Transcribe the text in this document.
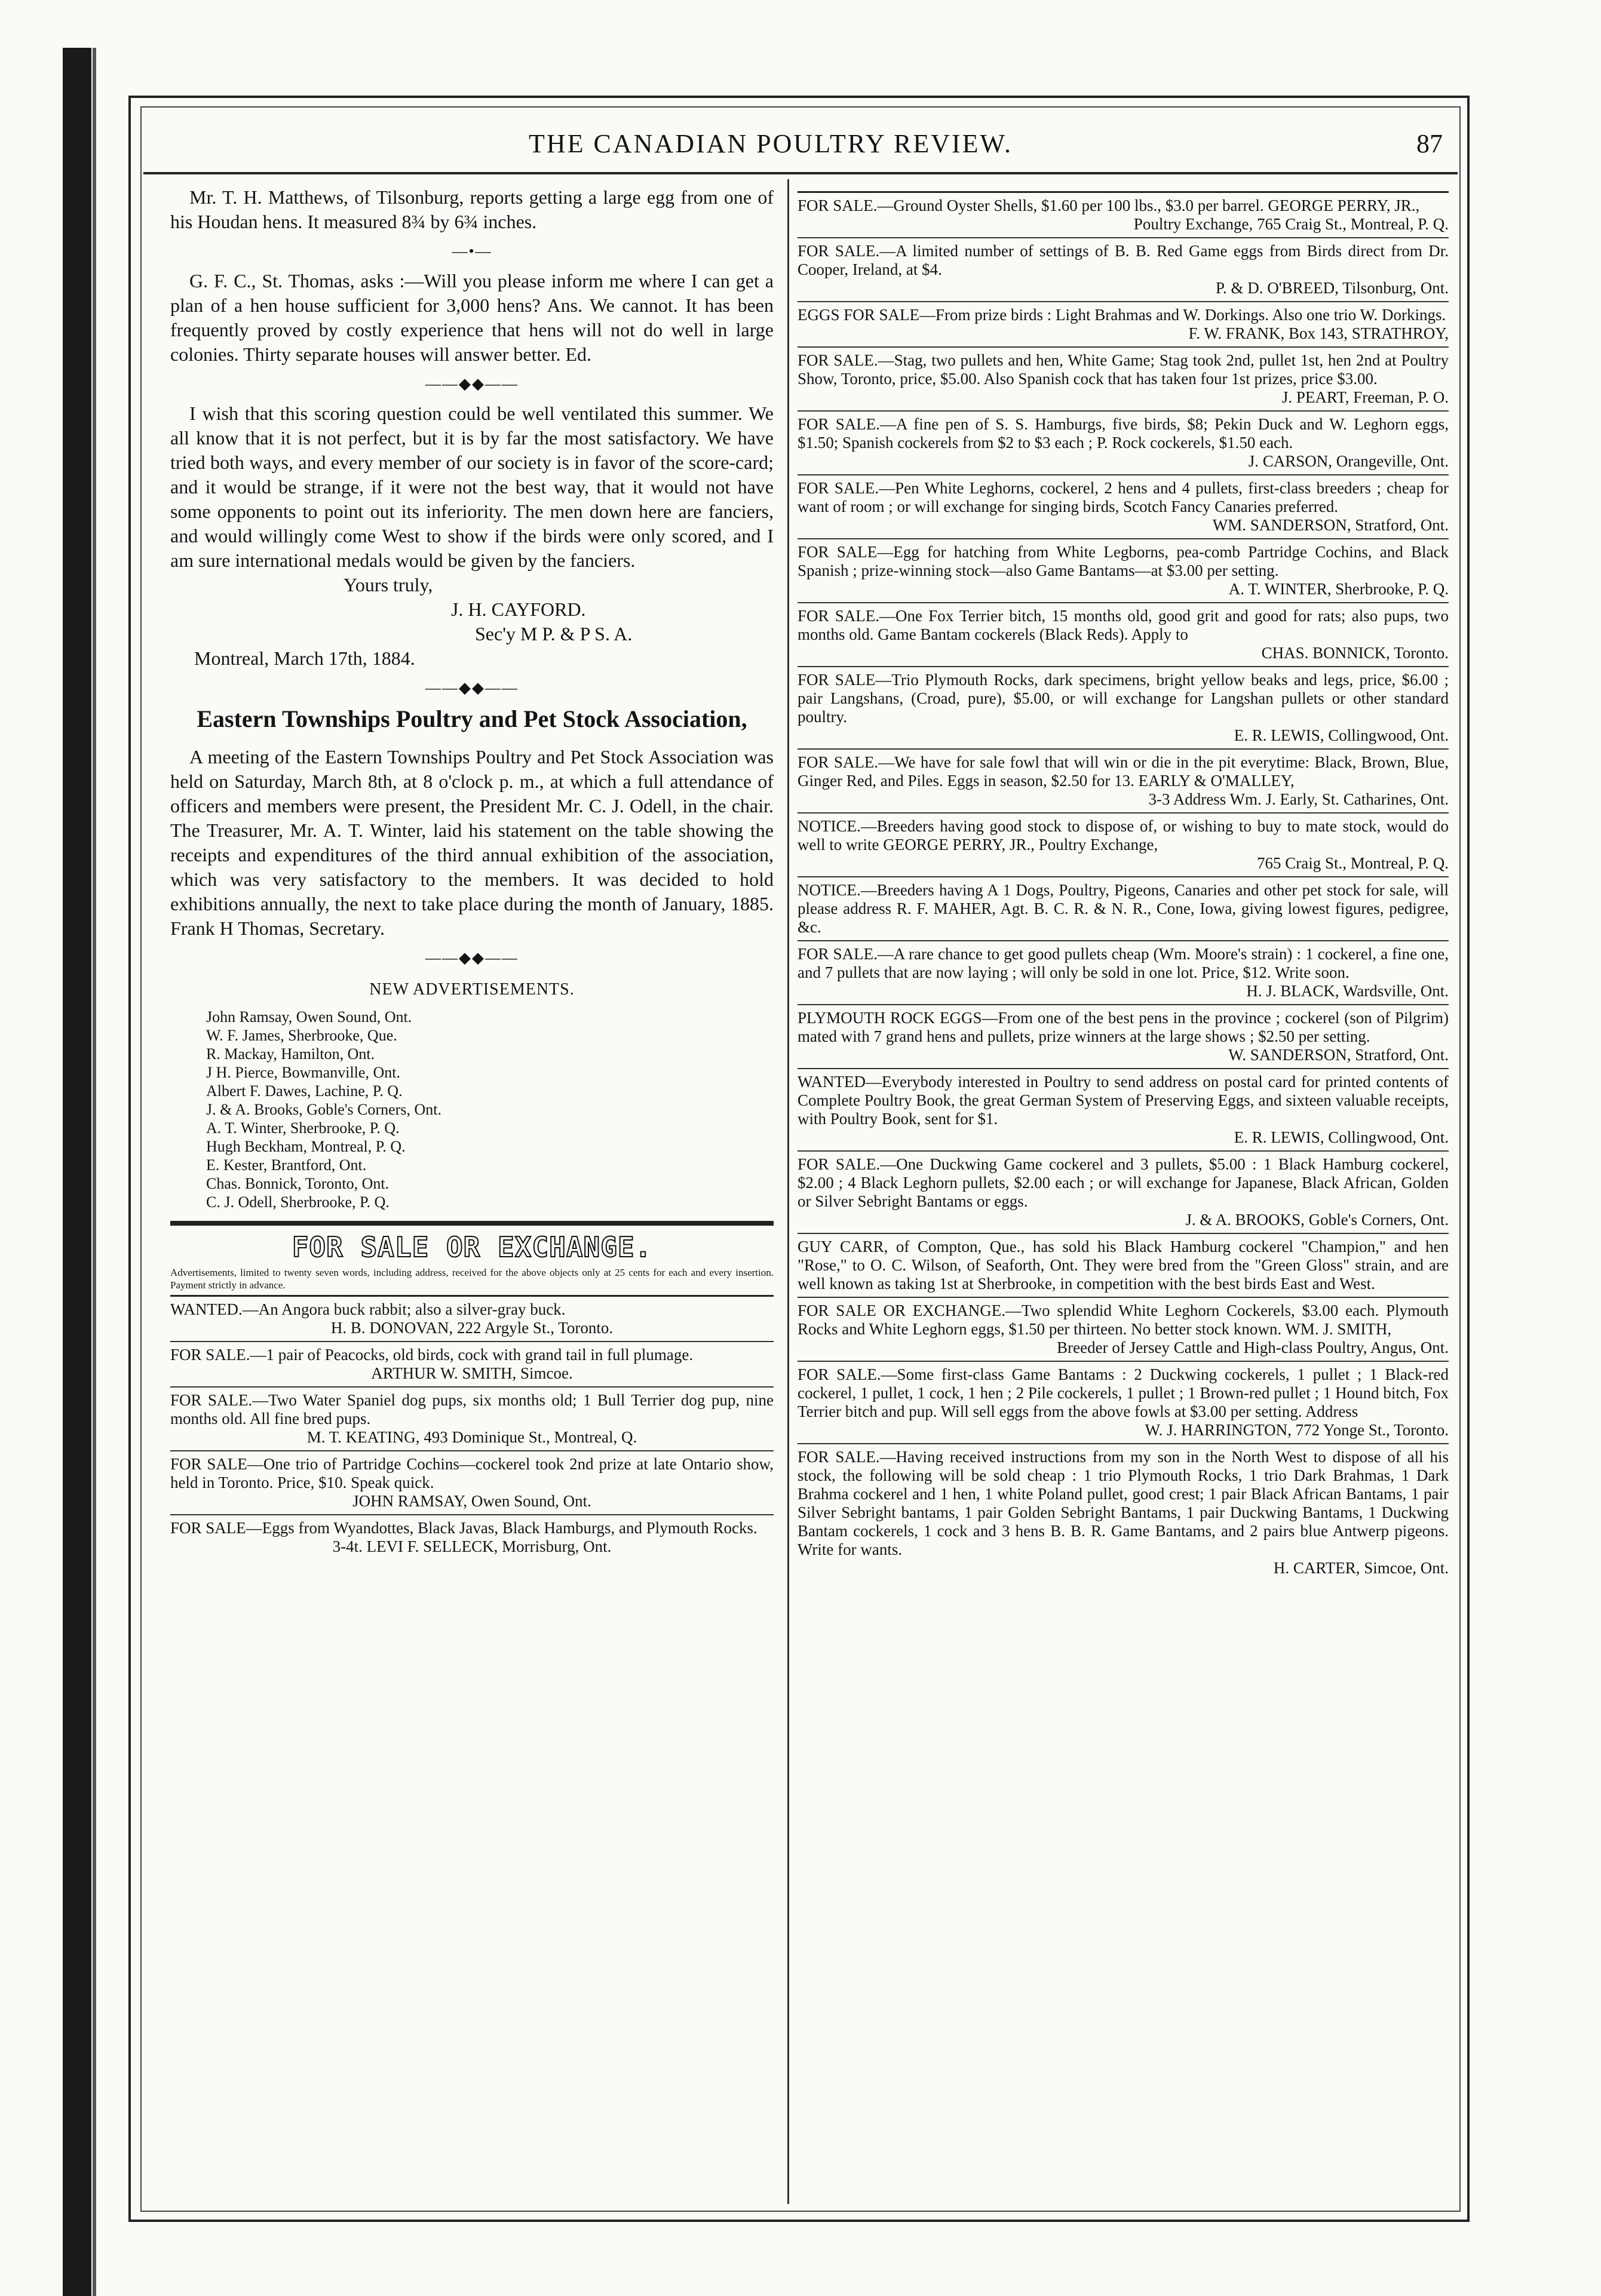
THE CANADIAN POULTRY REVIEW.	87

Mr. T. H. Matthews, of Tilsonburg, reports getting a large egg from one of his Houdan hens. It measured 8¾ by 6¾ inches.

—•—

G. F. C., St. Thomas, asks :—Will you please inform me where I can get a plan of a hen house sufficient for 3,000 hens? Ans. We cannot. It has been frequently proved by costly experience that hens will not do well in large colonies. Thirty separate houses will answer better. Ed.

——◆◆——

I wish that this scoring question could be well ventilated this summer. We all know that it is not perfect, but it is by far the most satisfactory. We have tried both ways, and every member of our society is in favor of the score-card; and it would be strange, if it were not the best way, that it would not have some opponents to point out its inferiority. The men down here are fanciers, and would willingly come West to show if the birds were only scored, and I am sure international medals would be given by the fanciers.

Yours truly,
J. H. CAYFORD.
Sec'y M P. & P S. A.
Montreal, March 17th, 1884.
——◆◆——
Eastern Townships Poultry and Pet Stock Association,

A meeting of the Eastern Townships Poultry and Pet Stock Association was held on Saturday, March 8th, at 8 o'clock p. m., at which a full attendance of officers and members were present, the President Mr. C. J. Odell, in the chair. The Treasurer, Mr. A. T. Winter, laid his statement on the table showing the receipts and expenditures of the third annual exhibition of the association, which was very satisfactory to the members. It was decided to hold exhibitions annually, the next to take place during the month of January, 1885. Frank H Thomas, Secretary.

——◆◆——
NEW ADVERTISEMENTS.
John Ramsay, Owen Sound, Ont.
W. F. James, Sherbrooke, Que.
R. Mackay, Hamilton, Ont.
J H. Pierce, Bowmanville, Ont.
Albert F. Dawes, Lachine, P. Q.
J. & A. Brooks, Goble's Corners, Ont.
A. T. Winter, Sherbrooke, P. Q.
Hugh Beckham, Montreal, P. Q.
E. Kester, Brantford, Ont.
Chas. Bonnick, Toronto, Ont.
C. J. Odell, Sherbrooke, P. Q.
FOR SALE OR EXCHANGE.

Advertisements, limited to twenty seven words, including address, received for the above objects only at 25 cents for each and every insertion. Payment strictly in advance.

WANTED.—An Angora buck rabbit; also a silver-gray buck.
H. B. DONOVAN, 222 Argyle St., Toronto.
FOR SALE.—1 pair of Peacocks, old birds, cock with grand tail in full plumage.
ARTHUR W. SMITH, Simcoe.
FOR SALE.—Two Water Spaniel dog pups, six months old; 1 Bull Terrier dog pup, nine months old. All fine bred pups.
M. T. KEATING, 493 Dominique St., Montreal, Q.
FOR SALE—One trio of Partridge Cochins—cockerel took 2nd prize at late Ontario show, held in Toronto. Price, $10. Speak quick.
JOHN RAMSAY, Owen Sound, Ont.
FOR SALE—Eggs from Wyandottes, Black Javas, Black Hamburgs, and Plymouth Rocks.
3-4t. LEVI F. SELLECK, Morrisburg, Ont.
FOR SALE.—Ground Oyster Shells, $1.60 per 100 lbs., $3.0 per barrel. GEORGE PERRY, JR.,
Poultry Exchange, 765 Craig St., Montreal, P. Q.
FOR SALE.—A limited number of settings of B. B. Red Game eggs from Birds direct from Dr. Cooper, Ireland, at $4.
P. & D. O'BREED, Tilsonburg, Ont.
EGGS FOR SALE—From prize birds : Light Brahmas and W. Dorkings. Also one trio W. Dorkings.
F. W. FRANK, Box 143, STRATHROY,
FOR SALE.—Stag, two pullets and hen, White Game; Stag took 2nd, pullet 1st, hen 2nd at Poultry Show, Toronto, price, $5.00. Also Spanish cock that has taken four 1st prizes, price $3.00.
J. PEART, Freeman, P. O.
FOR SALE.—A fine pen of S. S. Hamburgs, five birds, $8; Pekin Duck and W. Leghorn eggs, $1.50; Spanish cockerels from $2 to $3 each ; P. Rock cockerels, $1.50 each.
J. CARSON, Orangeville, Ont.
FOR SALE.—Pen White Leghorns, cockerel, 2 hens and 4 pullets, first-class breeders ; cheap for want of room ; or will exchange for singing birds, Scotch Fancy Canaries preferred.
WM. SANDERSON, Stratford, Ont.
FOR SALE—Egg for hatching from White Legborns, pea-comb Partridge Cochins, and Black Spanish ; prize-winning stock—also Game Bantams—at $3.00 per setting.
A. T. WINTER, Sherbrooke, P. Q.
FOR SALE.—One Fox Terrier bitch, 15 months old, good grit and good for rats; also pups, two months old. Game Bantam cockerels (Black Reds). Apply to
CHAS. BONNICK, Toronto.
FOR SALE—Trio Plymouth Rocks, dark specimens, bright yellow beaks and legs, price, $6.00 ; pair Langshans, (Croad, pure), $5.00, or will exchange for Langshan pullets or other standard poultry.
E. R. LEWIS, Collingwood, Ont.
FOR SALE.—We have for sale fowl that will win or die in the pit everytime: Black, Brown, Blue, Ginger Red, and Piles. Eggs in season, $2.50 for 13. EARLY & O'MALLEY,
3-3 Address Wm. J. Early, St. Catharines, Ont.
NOTICE.—Breeders having good stock to dispose of, or wishing to buy to mate stock, would do well to write GEORGE PERRY, JR., Poultry Exchange,
765 Craig St., Montreal, P. Q.
NOTICE.—Breeders having A 1 Dogs, Poultry, Pigeons, Canaries and other pet stock for sale, will please address R. F. MAHER, Agt. B. C. R. & N. R., Cone, Iowa, giving lowest figures, pedigree, &c.
FOR SALE.—A rare chance to get good pullets cheap (Wm. Moore's strain) : 1 cockerel, a fine one, and 7 pullets that are now laying ; will only be sold in one lot. Price, $12. Write soon.
H. J. BLACK, Wardsville, Ont.
PLYMOUTH ROCK EGGS—From one of the best pens in the province ; cockerel (son of Pilgrim) mated with 7 grand hens and pullets, prize winners at the large shows ; $2.50 per setting.
W. SANDERSON, Stratford, Ont.
WANTED—Everybody interested in Poultry to send address on postal card for printed contents of Complete Poultry Book, the great German System of Preserving Eggs, and sixteen valuable receipts, with Poultry Book, sent for $1.
E. R. LEWIS, Collingwood, Ont.
FOR SALE.—One Duckwing Game cockerel and 3 pullets, $5.00 : 1 Black Hamburg cockerel, $2.00 ; 4 Black Leghorn pullets, $2.00 each ; or will exchange for Japanese, Black African, Golden or Silver Sebright Bantams or eggs.
J. & A. BROOKS, Goble's Corners, Ont.
GUY CARR, of Compton, Que., has sold his Black Hamburg cockerel "Champion," and hen "Rose," to O. C. Wilson, of Seaforth, Ont. They were bred from the "Green Gloss" strain, and are well known as taking 1st at Sherbrooke, in competition with the best birds East and West.
FOR SALE OR EXCHANGE.—Two splendid White Leghorn Cockerels, $3.00 each. Plymouth Rocks and White Leghorn eggs, $1.50 per thirteen. No better stock known. WM. J. SMITH,
Breeder of Jersey Cattle and High-class Poultry, Angus, Ont.
FOR SALE.—Some first-class Game Bantams : 2 Duckwing cockerels, 1 pullet ; 1 Black-red cockerel, 1 pullet, 1 cock, 1 hen ; 2 Pile cockerels, 1 pullet ; 1 Brown-red pullet ; 1 Hound bitch, Fox Terrier bitch and pup. Will sell eggs from the above fowls at $3.00 per setting. Address
W. J. HARRINGTON, 772 Yonge St., Toronto.
FOR SALE.—Having received instructions from my son in the North West to dispose of all his stock, the following will be sold cheap : 1 trio Plymouth Rocks, 1 trio Dark Brahmas, 1 Dark Brahma cockerel and 1 hen, 1 white Poland pullet, good crest; 1 pair Black African Bantams, 1 pair Silver Sebright bantams, 1 pair Golden Sebright Bantams, 1 pair Duckwing Bantams, 1 Duckwing Bantam cockerels, 1 cock and 3 hens B. B. R. Game Bantams, and 2 pairs blue Antwerp pigeons. Write for wants.
H. CARTER, Simcoe, Ont.
